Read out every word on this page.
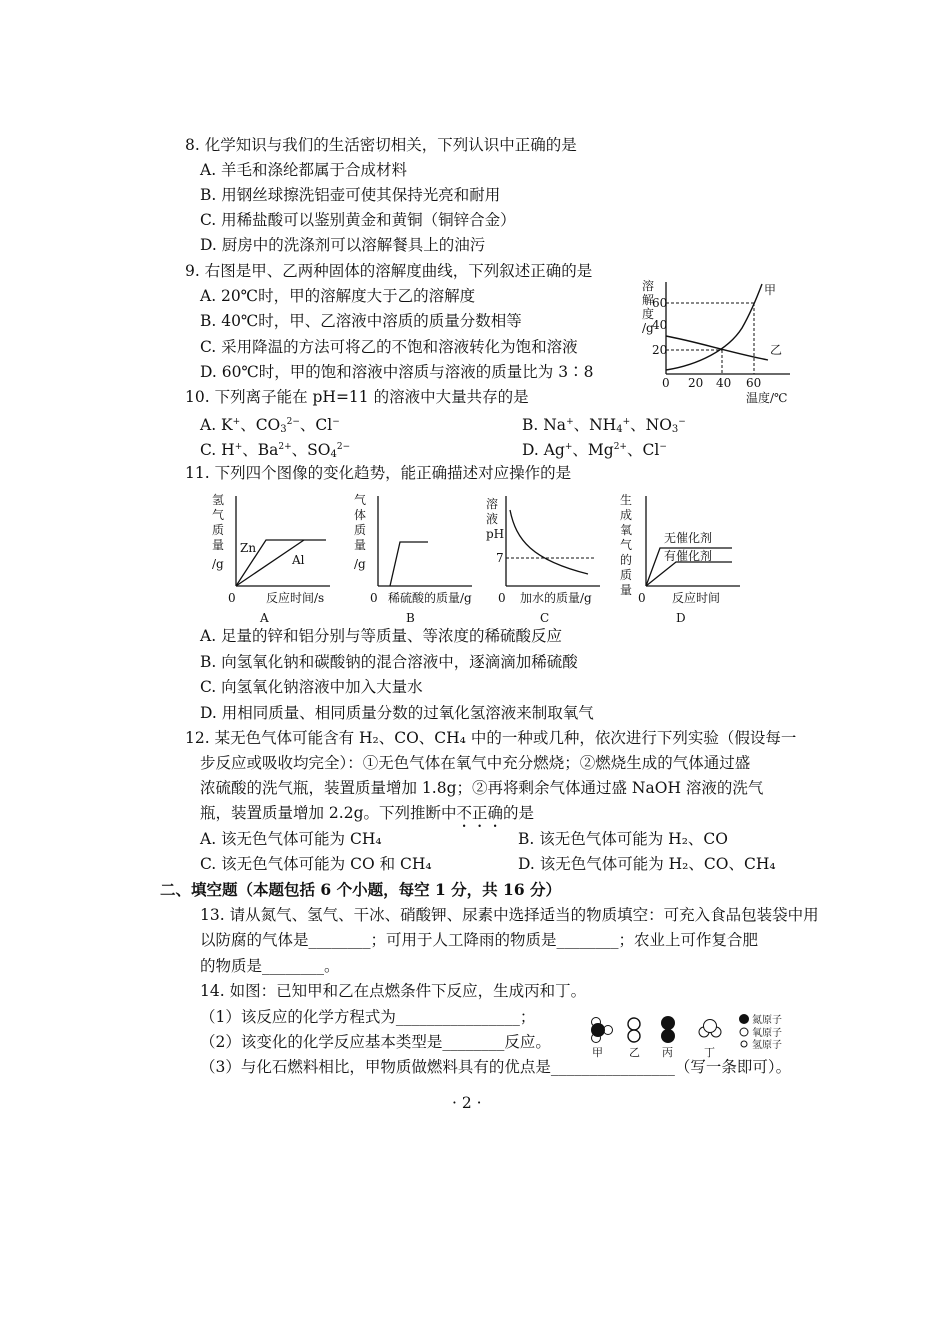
8. 化学知识与我们的生活密切相关，下列认识中正确的是
A. 羊毛和涤纶都属于合成材料
B. 用钢丝球擦洗铝壶可使其保持光亮和耐用
C. 用稀盐酸可以鉴别黄金和黄铜（铜锌合金）
D. 厨房中的洗涤剂可以溶解餐具上的油污
9. 右图是甲、乙两种固体的溶解度曲线，下列叙述正确的是
A. 20℃时，甲的溶解度大于乙的溶解度
B. 40℃时，甲、乙溶液中溶质的质量分数相等
C. 采用降温的方法可将乙的不饱和溶液转化为饱和溶液
D. 60℃时，甲的饱和溶液中溶质与溶液的质量比为 3∶8
溶
解
度
/g
60
40
20
0 20 40 60
温度/℃
甲
乙
10. 下列离子能在 pH=11 的溶液中大量共存的是
A. K+、$CO_3^{2-}$、Cl−	B. Na+、$NH_4^+$、$NO_3^-$
C. H+、$Ba^{2+}$、$SO_4^{2-}$	D. Ag+、$Mg^{2+}$、Cl−
11. 下列四个图像的变化趋势，能正确描述对应操作的是
氢
气
质
量
/g
0	反应时间/s
Zn
Al
A
气
体
质
量
/g
0 稀硫酸的质量/g
B
溶
液
pH
7
0 加水的质量/g
C
生
成
氧
气
的
质
量
0 反应时间
无催化剂
有催化剂
D
A. 足量的锌和铝分别与等质量、等浓度的稀硫酸反应
B. 向氢氧化钠和碳酸钠的混合溶液中，逐滴滴加稀硫酸
C. 向氢氧化钠溶液中加入大量水
D. 用相同质量、相同质量分数的过氧化氢溶液来制取氧气
12. 某无色气体可能含有 H₂、CO、CH₄ 中的一种或几种，依次进行下列实验（假设每一
步反应或吸收均完全）：①无色气体在氧气中充分燃烧；②燃烧生成的气体通过盛
浓硫酸的洗气瓶，装置质量增加 1.8g；②再将剩余气体通过盛 NaOH 溶液的洗气
瓶，装置质量增加 2.2g。下列推断中不正确的是
A. 该无色气体可能为 CH₄	B. 该无色气体可能为 H₂、CO
C. 该无色气体可能为 CO 和 CH₄	D. 该无色气体可能为 H₂、CO、CH₄
二、填空题（本题包括 6 个小题，每空 1 分，共 16 分）
13. 请从氮气、氢气、干冰、硝酸钾、尿素中选择适当的物质填空：可充入食品包装袋中用
以防腐的气体是________；可用于人工降雨的物质是________；农业上可作复合肥
的物质是________。
14. 如图：已知甲和乙在点燃条件下反应，生成丙和丁。
（1）该反应的化学方程式为________________；
（2）该变化的化学反应基本类型是________反应。
（3）与化石燃料相比，甲物质做燃料具有的优点是________________（写一条即可）。
甲 乙 丙	丁
氮原子
氧原子
氢原子
· 2 ·
